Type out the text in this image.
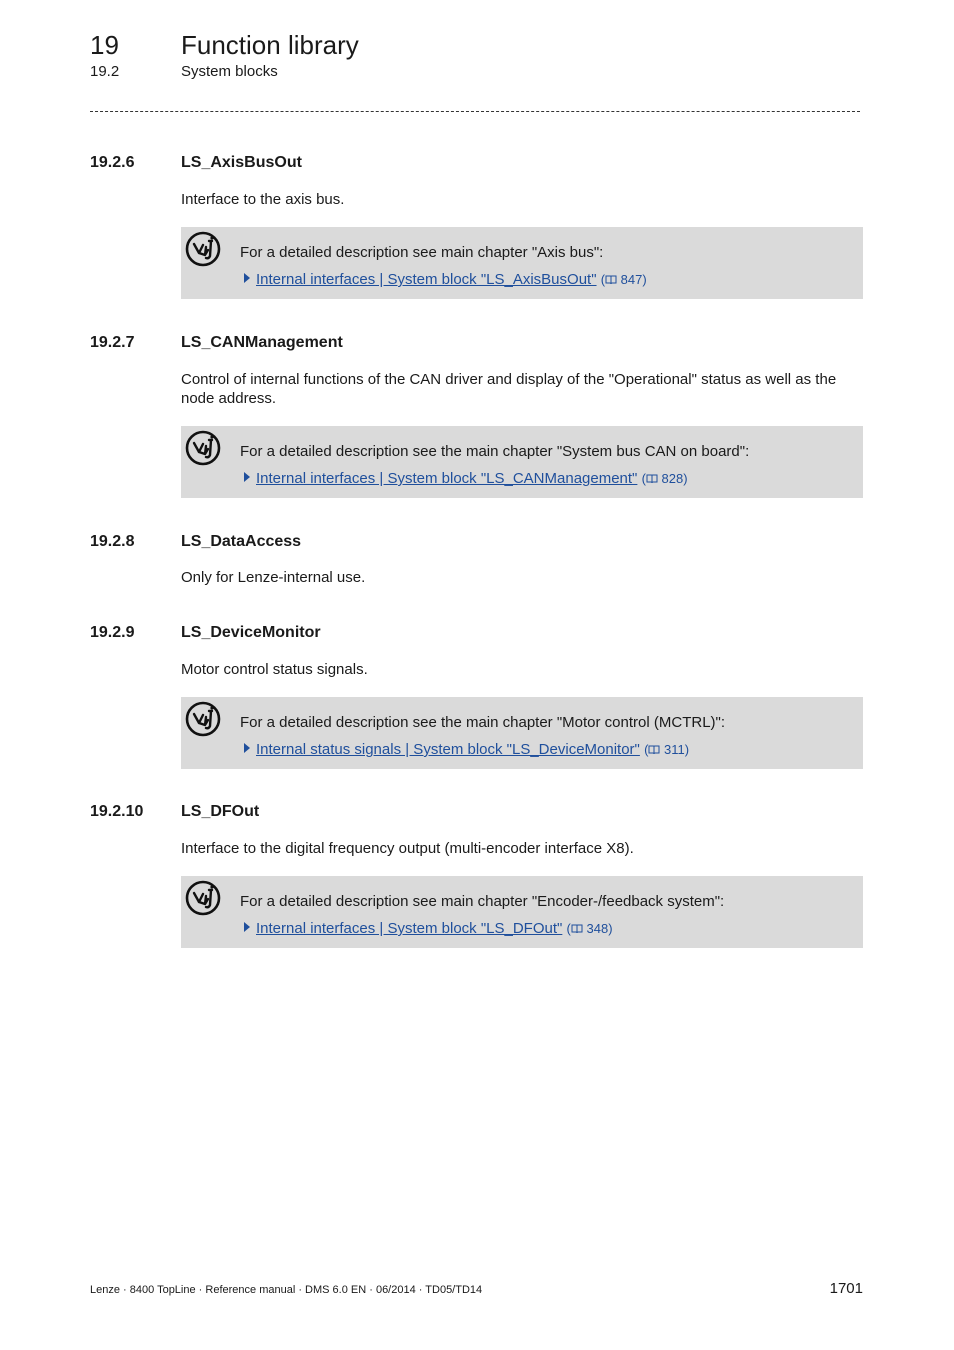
19 Function library
19.2	System blocks
19.2.6	LS_AxisBusOut
Interface to the axis bus.
For a detailed description see main chapter "Axis bus":
Internal interfaces | System block "LS_AxisBusOut" ( 847)
19.2.7	LS_CANManagement
Control of internal functions of the CAN driver and display of the "Operational" status as well as the node address.
For a detailed description see the main chapter "System bus CAN on board":
Internal interfaces | System block "LS_CANManagement" ( 828)
19.2.8	LS_DataAccess
Only for Lenze-internal use.
19.2.9	LS_DeviceMonitor
Motor control status signals.
For a detailed description see the main chapter "Motor control (MCTRL)":
Internal status signals | System block "LS_DeviceMonitor" ( 311)
19.2.10 LS_DFOut
Interface to the digital frequency output (multi-encoder interface X8).
For a detailed description see main chapter "Encoder-/feedback system":
Internal interfaces | System block "LS_DFOut" ( 348)
Lenze · 8400 TopLine · Reference manual · DMS 6.0 EN · 06/2014 · TD05/TD14	1701
